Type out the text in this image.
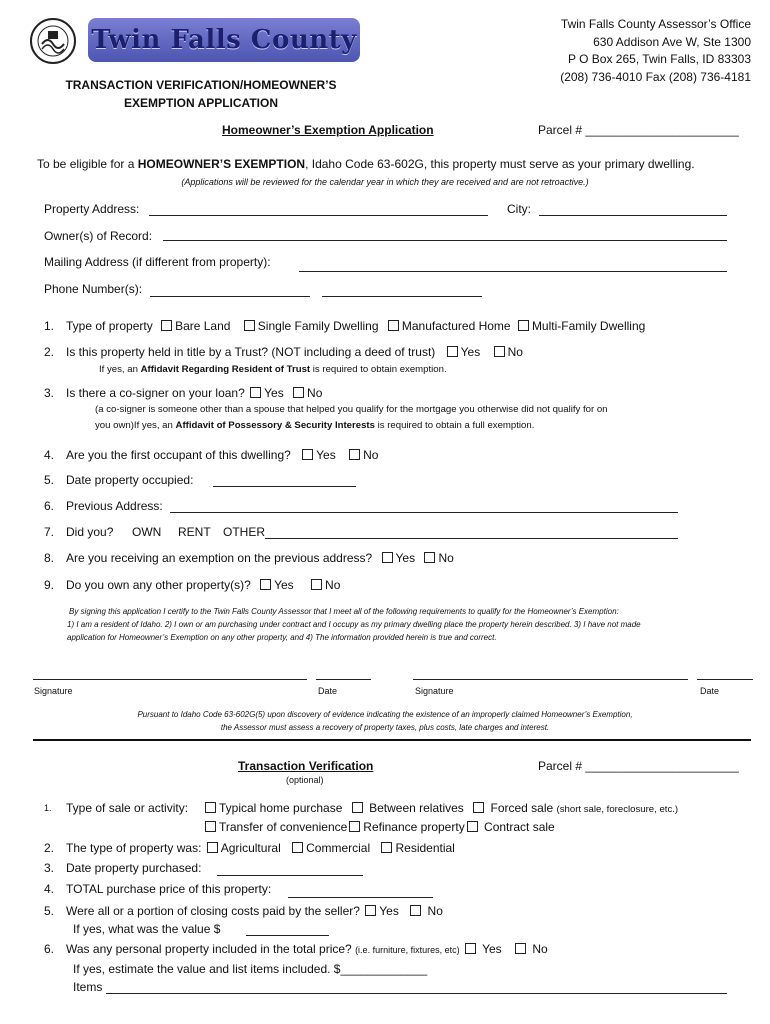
Twin Falls County
Twin Falls County Assessor’s Office
630 Addison Ave W, Ste 1300
P O Box 265, Twin Falls, ID 83303
(208) 736-4010 Fax (208) 736-4181
TRANSACTION VERIFICATION/HOMEOWNER’S
EXEMPTION APPLICATION
Homeowner’s Exemption Application	Parcel # _______________________
To be eligible for a HOMEOWNER’S EXEMPTION, Idaho Code 63-602G, this property must serve as your primary dwelling.
(Applications will be reviewed for the calendar year in which they are received and are not retroactive.)
Property Address:	City:
Owner(s) of Record:
Mailing Address (if different from property):
Phone Number(s):
1. Type of property Bare Land Single Family Dwelling Manufactured Home Multi-Family Dwelling
2. Is this property held in title by a Trust? (NOT including a deed of trust) Yes No
If yes, an Affidavit Regarding Resident of Trust is required to obtain exemption.
3. Is there a co-signer on your loan? Yes No
(a co-signer is someone other than a spouse that helped you qualify for the mortgage you otherwise did not qualify for on
you own)If yes, an Affidavit of Possessory & Security Interests is required to obtain a full exemption.
4. Are you the first occupant of this dwelling? Yes No
5. Date property occupied:
6. Previous Address:
7. Did you? OWN RENT OTHER
8. Are you receiving an exemption on the previous address? Yes No
9. Do you own any other property(s)? Yes	No
By signing this application I certify to the Twin Falls County Assessor that I meet all of the following requirements to qualify for the Homeowner’s Exemption:
1) I am a resident of Idaho. 2) I own or am purchasing under contract and I occupy as my primary dwelling place the property herein described. 3) I have not made
application for Homeowner’s Exemption on any other property, and 4) The information provided herein is true and correct.
Signature	Date	Signature	Date
Pursuant to Idaho Code 63-602G(5) upon discovery of evidence indicating the existence of an improperly claimed Homeowner’s Exemption,
the Assessor must assess a recovery of property taxes, plus costs, late charges and interest.
Transaction Verification
(optional)
Parcel # _______________________
1. Type of sale or activity:	Typical home purchase Between relatives Forced sale (short sale, foreclosure, etc.)
Transfer of convenience Refinance property Contract sale
2. The type of property was: Agricultural Commercial Residential
3. Date property purchased:
4. TOTAL purchase price of this property:
5. Were all or a portion of closing costs paid by the seller? Yes No
If yes, what was the value $
6. Was any personal property included in the total price? (i.e. furniture, fixtures, etc) Yes	No
If yes, estimate the value and list items included. $_____________
Items
